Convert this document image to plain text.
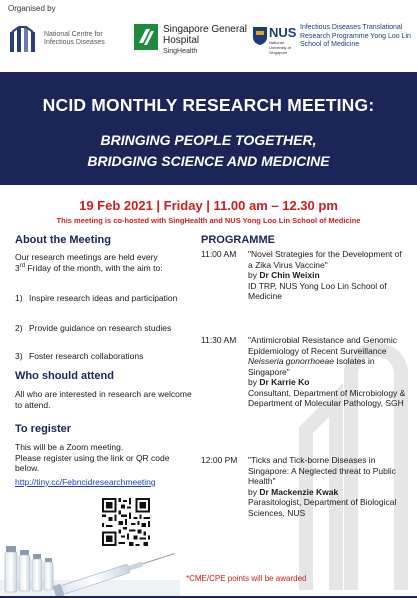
Organised by
National Centre for Infectious Diseases
Singapore General Hospital
SingHealth
NUS
National University of Singapore
Infectious Diseases Translational Research Programme Yong Loo Lin School of Medicine
NCID MONTHLY RESEARCH MEETING:
BRINGING PEOPLE TOGETHER,
BRIDGING SCIENCE AND MEDICINE
19 Feb 2021 | Friday | 11.00 am – 12.30 pm
This meeting is co-hosted with SingHealth and NUS Yong Loo Lin School of Medicine
About the Meeting
Our research meetings are held every
3rd Friday of the month, with the aim to:
1) Inspire research ideas and participation
2) Provide guidance on research studies
3) Foster research collaborations
Who should attend
All who are interested in research are welcome to attend.
To register
This will be a Zoom meeting.
Please register using the link or QR code below.
http://tiny.cc/Febncidresearchmeeting
PROGRAMME
11:00 AM "Novel Strategies for the Development of a Zika Virus Vaccine"
by Dr Chin Weixin
ID TRP, NUS Yong Loo Lin School of Medicine
11:30 AM "Antimicrobial Resistance and Genomic Epidemiology of Recent Surveillance Neisseria gonorrhoeae Isolates in Singapore"
by Dr Karrie Ko
Consultant, Department of Microbiology & Department of Molecular Pathology, SGH
12:00 PM "Ticks and Tick-borne Diseases in Singapore: A Neglected threat to Public Health"
by Dr Mackenzie Kwak
Parasitologist, Department of Biological Sciences, NUS
*CME/CPE points will be awarded
